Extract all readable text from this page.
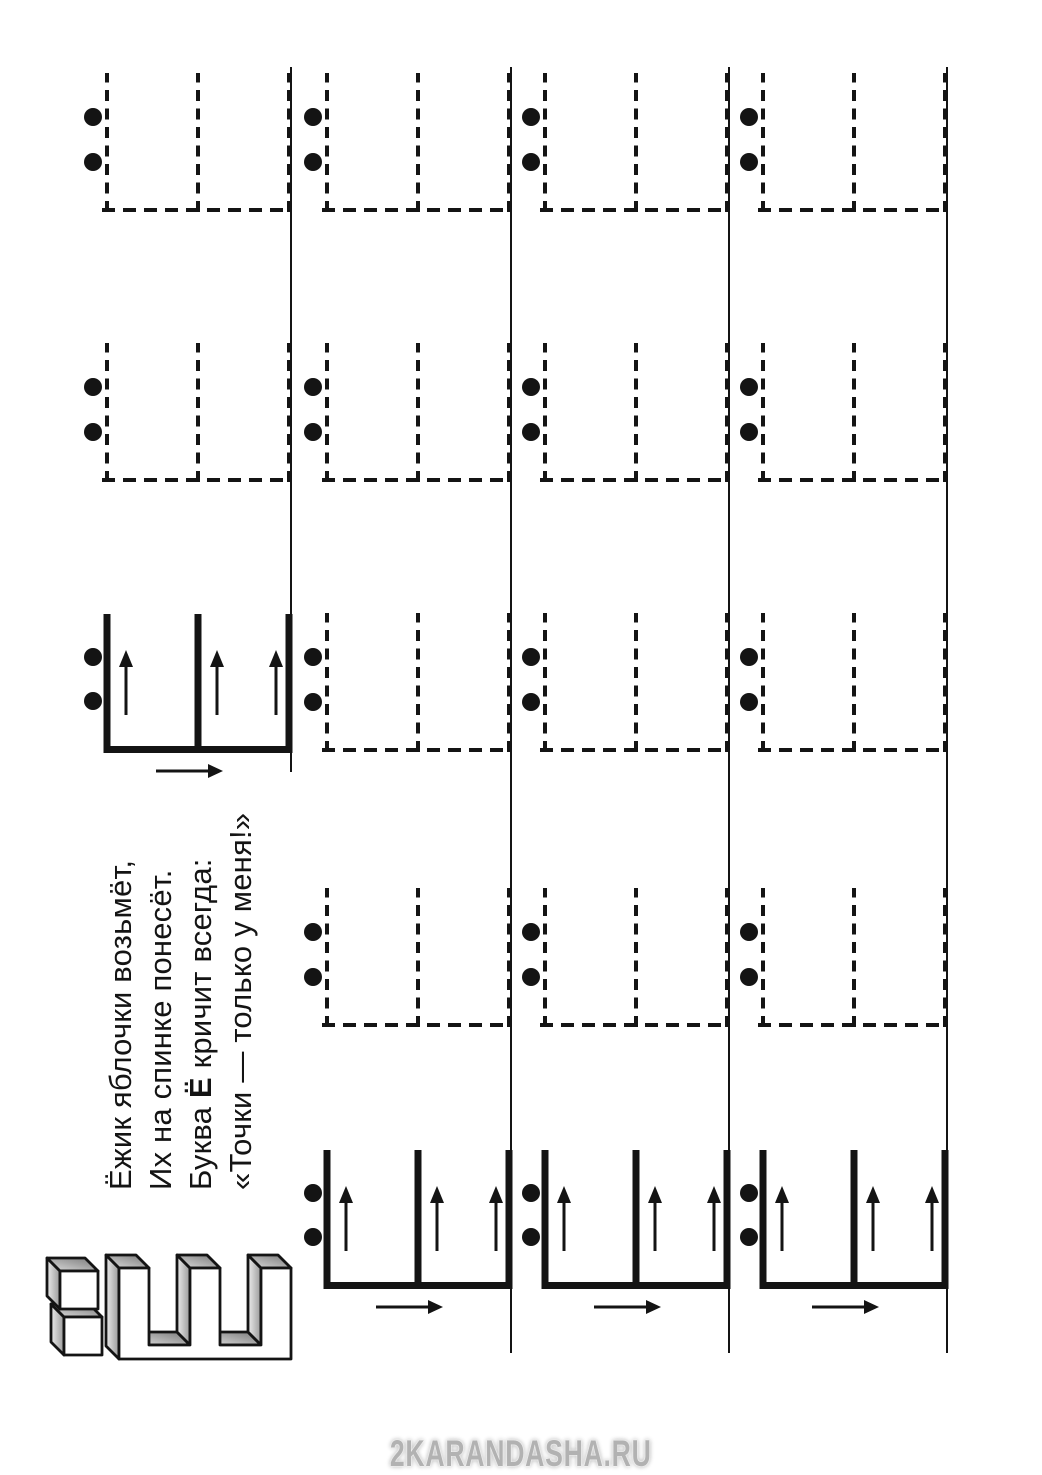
Ёжик яблочки возьмёт, Их на спинке понесёт. Буква Ё кричит всегда: «Точки — только у меня!»
2KARANDASHA.RU
